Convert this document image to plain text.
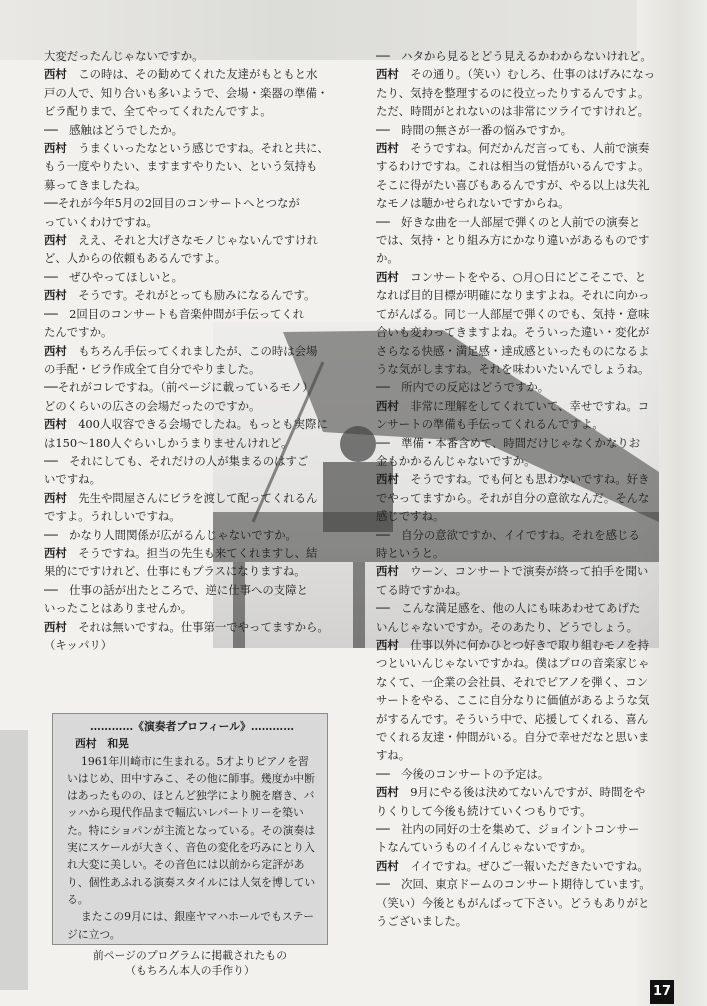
大変だったんじゃないですか。
西村　この時は、その勧めてくれた友達がもともと水
戸の人で、知り合いも多いようで、会場・楽器の準備・
ビラ配りまで、全てやってくれたんですよ。
──　感触はどうでしたか。
西村　うまくいったなという感じですね。それと共に、
もう一度やりたい、ますますやりたい、という気持も
募ってきましたね。
──それが今年5月の2回目のコンサートへとつなが
っていくわけですね。
西村　ええ、それと大げさなモノじゃないんですけれ
ど、人からの依頼もあるんですよ。
──　ぜひやってほしいと。
西村　そうです。それがとっても励みになるんです。
──　2回目のコンサートも音楽仲間が手伝ってくれ
たんですか。
西村　もちろん手伝ってくれましたが、この時は会場
の手配・ビラ作成全て自分でやりました。
──それがコレですね。（前ページに載っているモノ）
どのくらいの広さの会場だったのですか。
西村　400人収容できる会場でしたね。もっとも実際に
は150〜180人ぐらいしかうまりませんけれど。
──　それにしても、それだけの人が集まるのはすご
いですね。
西村　先生や問屋さんにビラを渡して配ってくれるん
ですよ。うれしいですね。
──　かなり人間関係が広がるんじゃないですか。
西村　そうですね。担当の先生も来てくれますし、結
果的にですけれど、仕事にもプラスになりますね。
──　仕事の話が出たところで、逆に仕事への支障と
いったことはありませんか。
西村　それは無いですね。仕事第一でやってますから。
（キッパリ）
──　ハタから見るとどう見えるかわからないけれど。
西村　その通り。（笑い）むしろ、仕事のはげみになっ
たり、気持を整理するのに役立ったりするんですよ。
ただ、時間がとれないのは非常にツライですけれど。
──　時間の無さが一番の悩みですか。
西村　そうですね。何だかんだ言っても、人前で演奏
するわけですね。これは相当の覚悟がいるんですよ。
そこに得がたい喜びもあるんですが、やる以上は失礼
なモノは聴かせられないですからね。
──　好きな曲を一人部屋で弾くのと人前での演奏と
では、気持・とり組み方にかなり違いがあるものです
か。
西村　コンサートをやる、○月○日にどこそこで、と
なれば目的目標が明確になりますよね。それに向かっ
てがんばる。同じ一人部屋で弾くのでも、気持・意味
合いも変わってきますよね。そういった違い・変化が
さらなる快感・満足感・達成感といったものになるよ
うな気がしますね。それを味わいたいんでしょうね。
──　所内での反応はどうですか。
西村　非常に理解をしてくれていて、幸せですね。コ
ンサートの準備も手伝ってくれるんですよ。
──　準備・本番含めて、時間だけじゃなくかなりお
金もかかるんじゃないですか。
西村　そうですね。でも何とも思わないですね。好き
でやってますから。それが自分の意欲なんだ。そんな
感じですね。
──　自分の意欲ですか、イイですね。それを感じる
時というと。
西村　ウーン、コンサートで演奏が終って拍手を聞い
てる時ですかね。
──　こんな満足感を、他の人にも味あわせてあげた
いんじゃないですか。そのあたり、どうでしょう。
西村　仕事以外に何かひとつ好きで取り組むモノを持
つといいんじゃないですかね。僕はプロの音楽家じゃ
なくて、一企業の会社員、それでピアノを弾く、コン
サートをやる、ここに自分なりに価値があるような気
がするんです。そういう中で、応援してくれる、喜ん
でくれる友達・仲間がいる。自分で幸せだなと思いま
すね。
──　今後のコンサートの予定は。
西村　9月にやる後は決めてないんですが、時間をや
りくりして今後も続けていくつもりです。
──　社内の同好の士を集めて、ジョイントコンサー
トなんていうものイイんじゃないですか。
西村　イイですね。ぜひご一報いただきたいですね。
──　次回、東京ドームのコンサート期待しています。
（笑い）今後ともがんばって下さい。どうもありがと
うございました。
…………《演奏者プロフィール》…………
西村　和晃
1961年川崎市に生まれる。5才よりピアノを習いはじめ、田中すみこ、その他に師事。幾度か中断はあったものの、ほとんど独学により腕を磨き、バッハから現代作品まで幅広いレパートリーを築いた。特にショパンが主流となっている。その演奏は実にスケールが大きく、音色の変化を巧みにとり入れ大変に美しい。その音色には以前から定評があり、個性あふれる演奏スタイルには人気を博している。
またこの9月には、銀座ヤマハホールでもステージに立つ。
前ページのプログラムに掲載されたもの
（もちろん本人の手作り）
17
